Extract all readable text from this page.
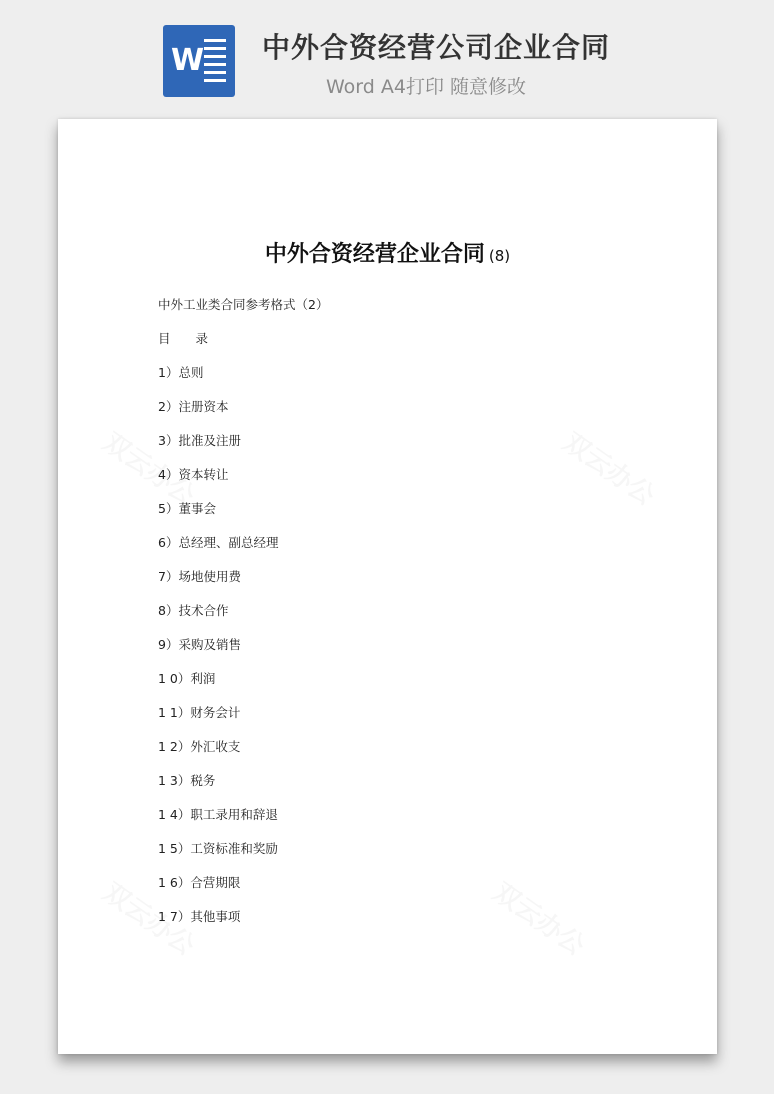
W 中外合资经营公司企业合同
Word A4打印 随意修改
中外合资经营企业合同 (8)
中外工业类合同参考格式（2）
目　　录
1）总则
2）注册资本
3）批准及注册
4）资本转让
5）董事会
6）总经理、副总经理
7）场地使用费
8）技术合作
9）采购及销售
1 0）利润
1 1）财务会计
1 2）外汇收支
1 3）税务
1 4）职工录用和辞退
1 5）工资标准和奖励
1 6）合营期限
1 7）其他事项
